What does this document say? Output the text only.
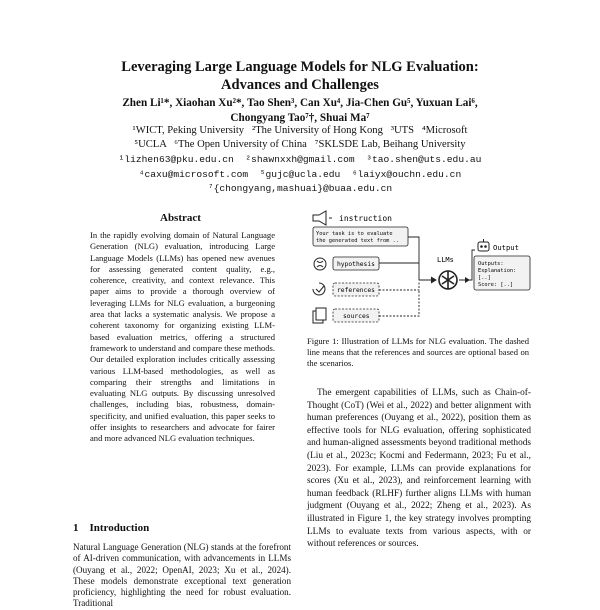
Leveraging Large Language Models for NLG Evaluation:
Advances and Challenges
Zhen Li¹*, Xiaohan Xu²*, Tao Shen³, Can Xu⁴, Jia-Chen Gu⁵, Yuxuan Lai⁶,
Chongyang Tao⁷†, Shuai Ma⁷
¹WICT, Peking University   ²The University of Hong Kong   ³UTS   ⁴Microsoft
⁵UCLA   ⁶The Open University of China   ⁷SKLSDE Lab, Beihang University
¹lizhen63@pku.edu.cn  ²shawnxxh@gmail.com  ³tao.shen@uts.edu.au
⁴caxu@microsoft.com  ⁵gujc@ucla.edu  ⁶laiyx@ouchn.edu.cn
⁷{chongyang,mashuai}@buaa.edu.cn
Abstract
In the rapidly evolving domain of Natural Language Generation (NLG) evaluation, introducing Large Language Models (LLMs) has opened new avenues for assessing generated content quality, e.g., coherence, creativity, and context relevance. This paper aims to provide a thorough overview of leveraging LLMs for NLG evaluation, a burgeoning area that lacks a systematic analysis. We propose a coherent taxonomy for organizing existing LLM-based evaluation metrics, offering a structured framework to understand and compare these methods. Our detailed exploration includes critically assessing various LLM-based methodologies, as well as comparing their strengths and limitations in evaluating NLG outputs. By discussing unresolved challenges, including bias, robustness, domain-specificity, and unified evaluation, this paper seeks to offer insights to researchers and advocate for fairer and more advanced NLG evaluation techniques.
1 Introduction
Natural Language Generation (NLG) stands at the forefront of AI-driven communication, with advancements in LLMs (Ouyang et al., 2022; OpenAI, 2023; Xu et al., 2024). These models demonstrate exceptional text generation proficiency, highlighting the need for robust evaluation. Traditional
instruction
Your task is to evaluate
the generated text from ..
hypothesis
references
sources
LLMs
Output
Outputs:
Explanation:
[..]
Score: [..]
Figure 1: Illustration of LLMs for NLG evaluation. The dashed line means that the references and sources are optional based on the scenarios.

The emergent capabilities of LLMs, such as Chain-of-Thought (CoT) (Wei et al., 2022) and better alignment with human preferences (Ouyang et al., 2022), position them as effective tools for NLG evaluation, offering sophisticated and human-aligned assessments beyond traditional methods (Liu et al., 2023c; Kocmi and Federmann, 2023; Fu et al., 2023). For example, LLMs can provide explanations for scores (Xu et al., 2023), and reinforcement learning with human feedback (RLHF) further aligns LLMs with human judgment (Ouyang et al., 2022; Zheng et al., 2023). As illustrated in Figure 1, the key strategy involves prompting LLMs to evaluate texts from various aspects, with or without references or sources.
